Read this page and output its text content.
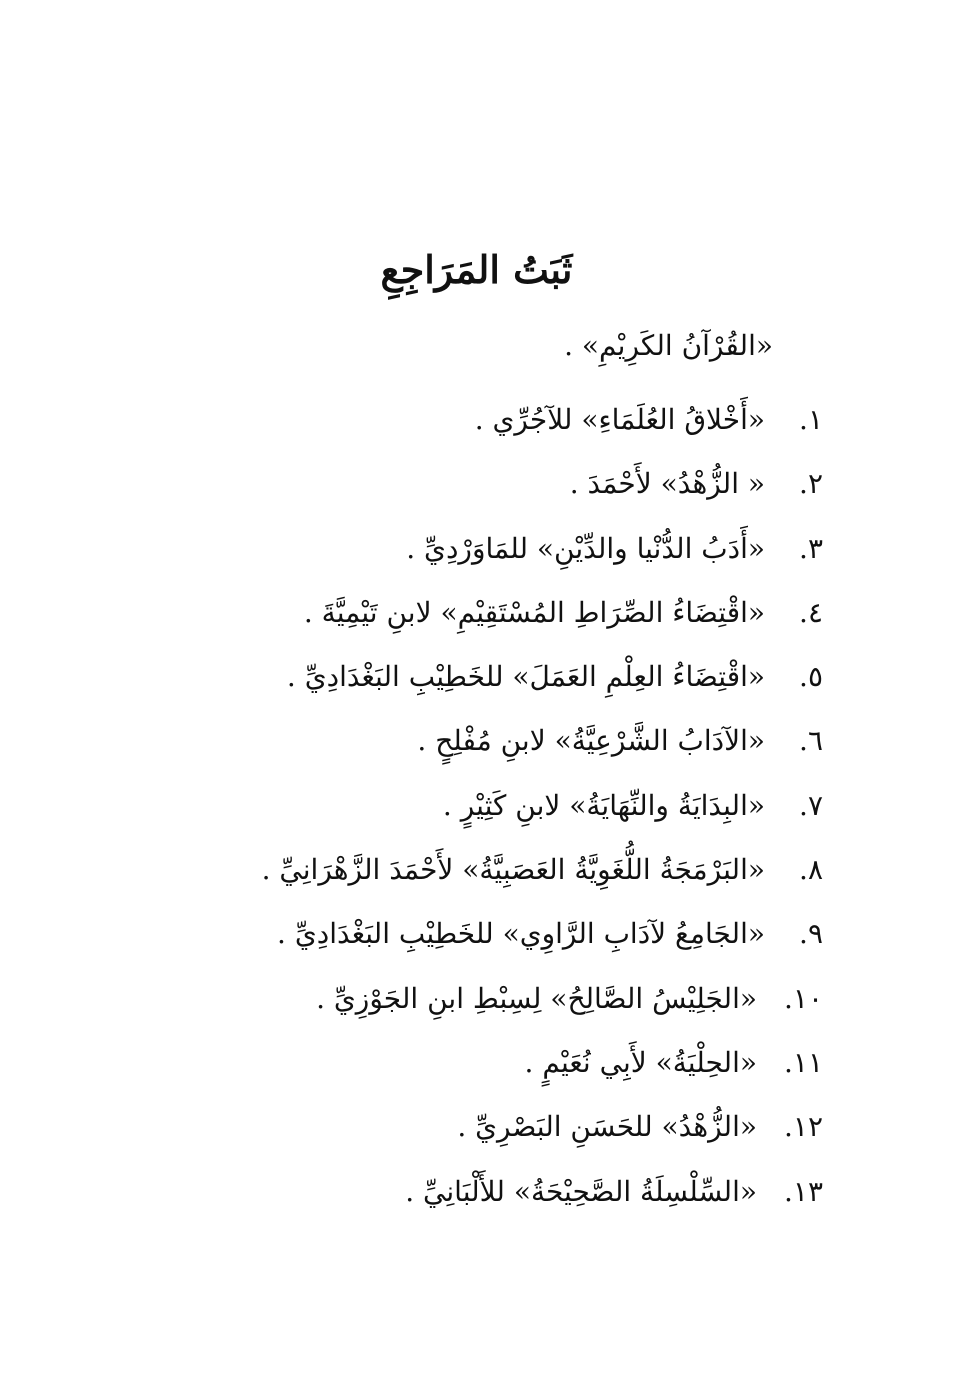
ثَبَتُ المَرَاجِعِ
«القُرْآنُ الكَرِيْمِ» .
١.«أَخْلاقُ العُلَمَاءِ» للآجُرِّي .
٢.« الزُّهْدُ» لأَحْمَدَ .
٣.«أَدَبُ الدُّنْيا والدِّيْنِ» للمَاوَرْدِيِّ .
٤.«اقْتِضَاءُ الصِّرَاطِ المُسْتَقِيْمِ» لابنِ تَيْمِيَّةَ .
٥.«اقْتِضَاءُ العِلْمِ العَمَلَ» للخَطِيْبِ البَغْدَادِيِّ .
٦.«الآدَابُ الشَّرْعِيَّةُ» لابنِ مُفْلِحٍ .
٧.«البِدَايَةُ والنِّهَايَةُ» لابنِ كَثِيْرٍ .
٨.«البَرْمَجَةُ اللُّغَوِيَّةُ العَصَبِيَّةُ» لأَحْمَدَ الزَّهْرَانِيِّ .
٩.«الجَامِعُ لآدَابِ الرَّاوِي» للخَطِيْبِ البَغْدَادِيِّ .
١٠.«الجَلِيْسُ الصَّالِحُ» لِسِبْطِ ابنِ الجَوْزِيِّ .
١١.«الحِلْيَةُ» لأَبِي نُعَيْمٍ .
١٢.«الزُّهْدُ» للحَسَنِ البَصْرِيِّ .
١٣.«السِّلْسِلَةُ الصَّحِيْحَةُ» للأَلْبَانِيِّ .
